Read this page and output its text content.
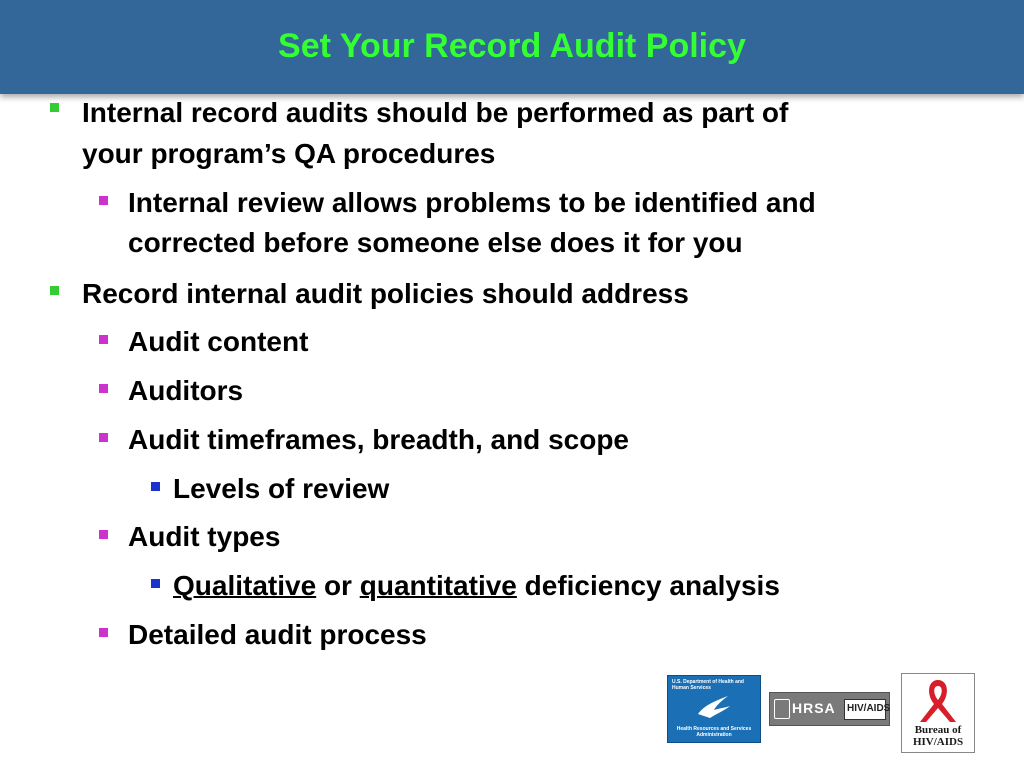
Set Your Record Audit Policy
Internal record audits should be performed as part of
your program’s QA procedures
Internal review allows problems to be identified and
corrected before someone else does it for you
Record internal audit policies should address
Audit content
Auditors
Audit timeframes, breadth, and scope
Levels of review
Audit types
Qualitative or quantitative deficiency analysis
Detailed audit process
U.S. Department of Health and Human Services
Health Resources and Services Administration
HRSA HIV/AIDS
Bureau of
HIV/AIDS
